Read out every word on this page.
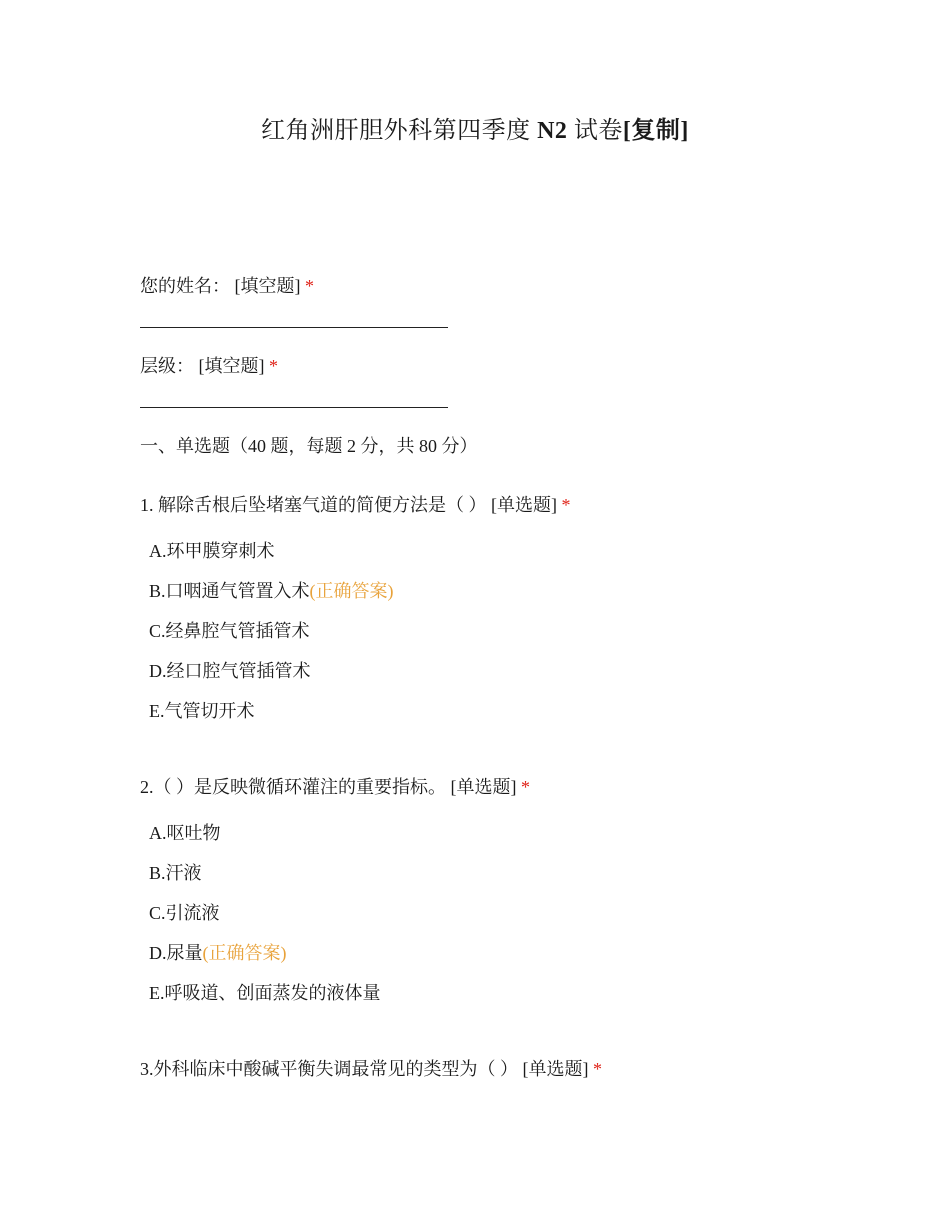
红角洲肝胆外科第四季度 N2 试卷[复制]
您的姓名： [填空题] *
层级： [填空题] *
一、单选题（40 题，每题 2 分，共 80 分）
1. 解除舌根后坠堵塞气道的简便方法是（ ） [单选题] *
A.环甲膜穿刺术
B.口咽通气管置入术(正确答案)
C.经鼻腔气管插管术
D.经口腔气管插管术
E.气管切开术
2.（ ）是反映微循环灌注的重要指标。 [单选题] *
A.呕吐物
B.汗液
C.引流液
D.尿量(正确答案)
E.呼吸道、创面蒸发的液体量
3.外科临床中酸碱平衡失调最常见的类型为（ ） [单选题] *
